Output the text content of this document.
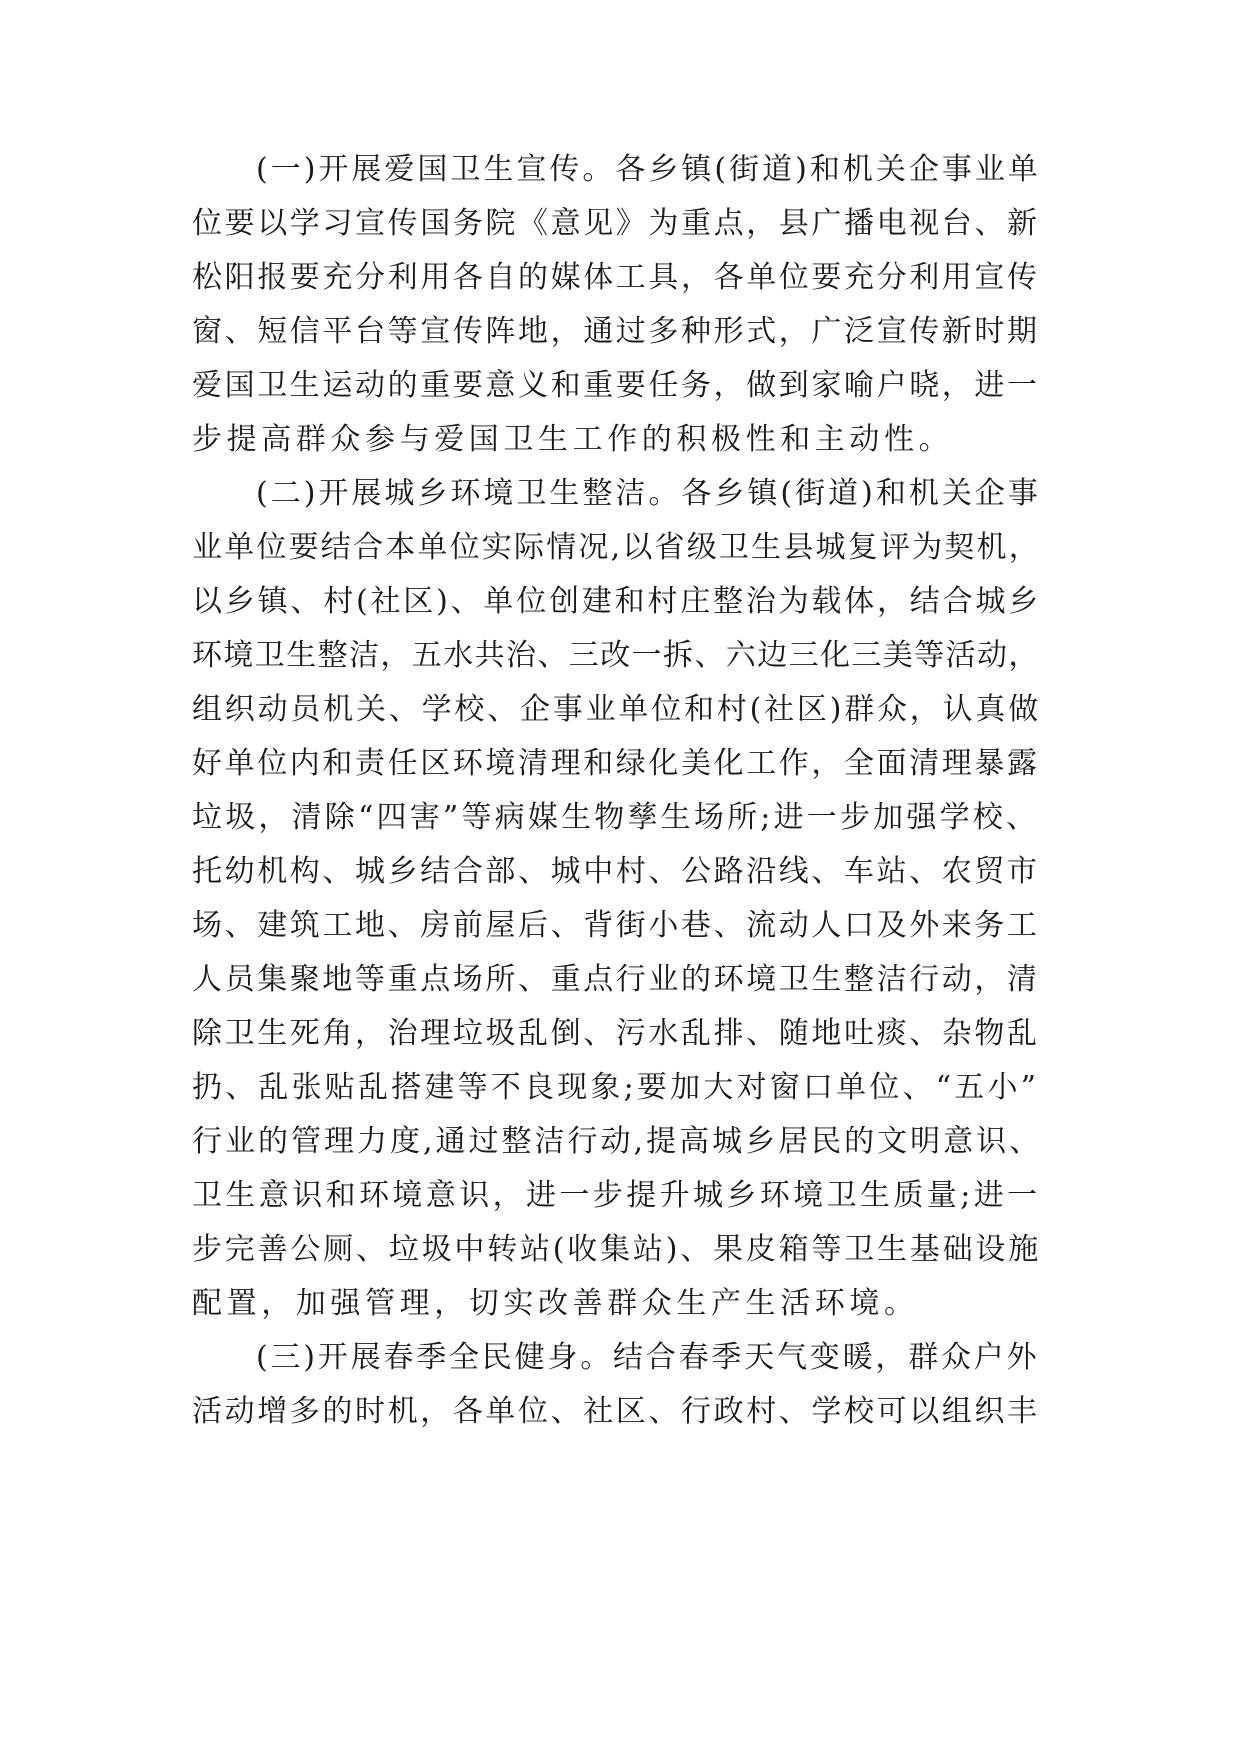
(一)开展爱国卫生宣传。各乡镇(街道)和机关企事业单
位要以学习宣传国务院《意见》为重点，县广播电视台、新
松阳报要充分利用各自的媒体工具，各单位要充分利用宣传
窗、短信平台等宣传阵地，通过多种形式，广泛宣传新时期
爱国卫生运动的重要意义和重要任务，做到家喻户晓，进一
步提高群众参与爱国卫生工作的积极性和主动性。
(二)开展城乡环境卫生整洁。各乡镇(街道)和机关企事
业单位要结合本单位实际情况,以省级卫生县城复评为契机，
以乡镇、村(社区)、单位创建和村庄整治为载体，结合城乡
环境卫生整洁，五水共治、三改一拆、六边三化三美等活动，
组织动员机关、学校、企事业单位和村(社区)群众，认真做
好单位内和责任区环境清理和绿化美化工作，全面清理暴露
垃圾，清除“四害”等病媒生物孳生场所;进一步加强学校、
托幼机构、城乡结合部、城中村、公路沿线、车站、农贸市
场、建筑工地、房前屋后、背街小巷、流动人口及外来务工
人员集聚地等重点场所、重点行业的环境卫生整洁行动，清
除卫生死角，治理垃圾乱倒、污水乱排、随地吐痰、杂物乱
扔、乱张贴乱搭建等不良现象;要加大对窗口单位、“五小”
行业的管理力度,通过整洁行动,提高城乡居民的文明意识、
卫生意识和环境意识，进一步提升城乡环境卫生质量;进一
步完善公厕、垃圾中转站(收集站)、果皮箱等卫生基础设施
配置，加强管理，切实改善群众生产生活环境。
(三)开展春季全民健身。结合春季天气变暖，群众户外
活动增多的时机，各单位、社区、行政村、学校可以组织丰
